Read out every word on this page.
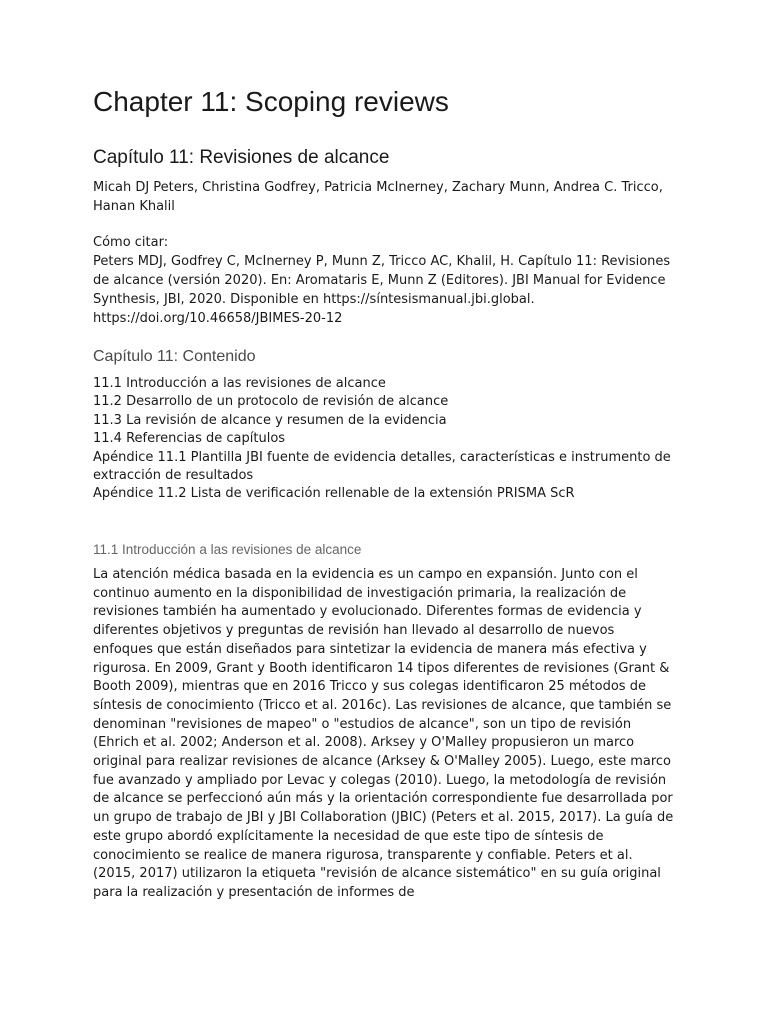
Chapter 11: Scoping reviews
Capítulo 11: Revisiones de alcance

Micah DJ Peters, Christina Godfrey, Patricia McInerney, Zachary Munn, Andrea C. Tricco, Hanan Khalil

Cómo citar:

Peters MDJ, Godfrey C, McInerney P, Munn Z, Tricco AC, Khalil, H. Capítulo 11: Revisiones de alcance (versión 2020). En: Aromataris E, Munn Z (Editores). JBI Manual for Evidence Synthesis, JBI, 2020. Disponible en https://síntesismanual.jbi.global. https://doi.org/10.46658/JBIMES-20-12

Capítulo 11: Contenido
11.1 Introducción a las revisiones de alcance
11.2 Desarrollo de un protocolo de revisión de alcance
11.3 La revisión de alcance y resumen de la evidencia
11.4 Referencias de capítulos
Apéndice 11.1 Plantilla JBI fuente de evidencia detalles, características e instrumento de extracción de resultados
Apéndice 11.2 Lista de verificación rellenable de la extensión PRISMA ScR
11.1 Introducción a las revisiones de alcance

La atención médica basada en la evidencia es un campo en expansión. Junto con el continuo aumento en la disponibilidad de investigación primaria, la realización de revisiones también ha aumentado y evolucionado. Diferentes formas de evidencia y diferentes objetivos y preguntas de revisión han llevado al desarrollo de nuevos enfoques que están diseñados para sintetizar la evidencia de manera más efectiva y rigurosa. En 2009, Grant y Booth identificaron 14 tipos diferentes de revisiones (Grant & Booth 2009), mientras que en 2016 Tricco y sus colegas identificaron 25 métodos de síntesis de conocimiento (Tricco et al. 2016c). Las revisiones de alcance, que también se denominan "revisiones de mapeo" o "estudios de alcance", son un tipo de revisión (Ehrich et al. 2002; Anderson et al. 2008). Arksey y O'Malley propusieron un marco original para realizar revisiones de alcance (Arksey & O'Malley 2005). Luego, este marco fue avanzado y ampliado por Levac y colegas (2010). Luego, la metodología de revisión de alcance se perfeccionó aún más y la orientación correspondiente fue desarrollada por un grupo de trabajo de JBI y JBI Collaboration (JBIC) (Peters et al. 2015, 2017). La guía de este grupo abordó explícitamente la necesidad de que este tipo de síntesis de conocimiento se realice de manera rigurosa, transparente y confiable. Peters et al. (2015, 2017) utilizaron la etiqueta "revisión de alcance sistemático" en su guía original para la realización y presentación de informes de
